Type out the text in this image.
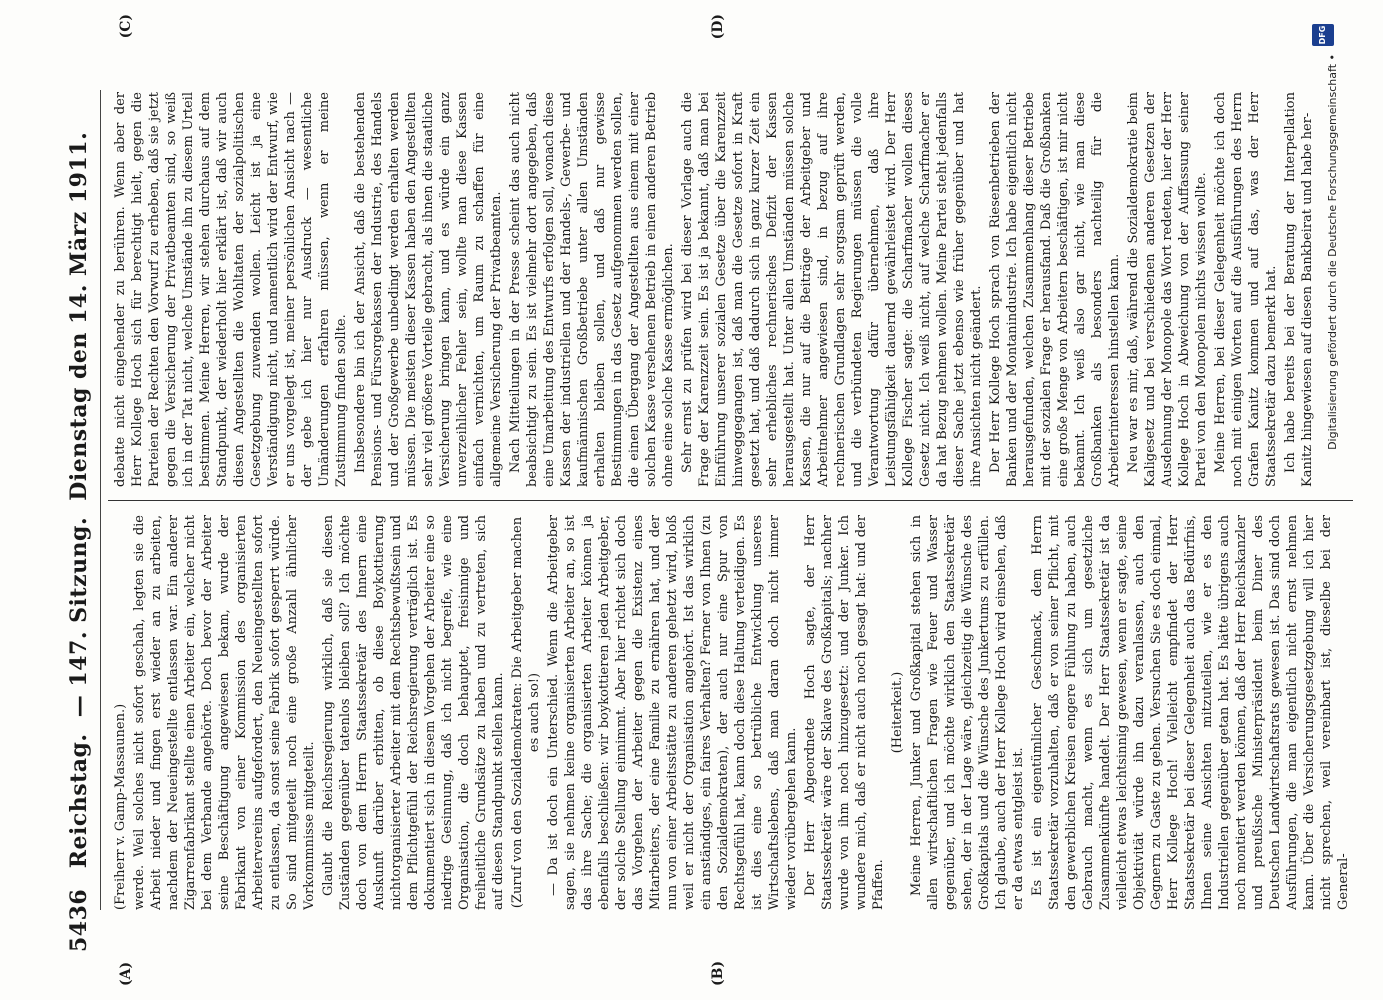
5436
Reichstag. — 147. Sitzung. Dienstag den 14. März 1911.
(A)	(B)
(C)	(D)

(Freiherr v. Gamp-Massaunen.) werde. Weil solches nicht sofort geschah, legten sie die Arbeit nieder und fingen erst wieder an zu arbeiten, nachdem der Neueingestellte entlassen war. Ein anderer Zigarrenfabrikant stellte einen Arbeiter ein, welcher nicht bei dem Verbande angehörte. Doch bevor der Arbeiter seine Beschäftigung angewiesen bekam, wurde der Fabrikant von einer Kommission des organisierten Arbeitervereins aufgefordert, den Neueingestellten sofort zu entlassen, da sonst seine Fabrik sofort gesperrt würde. So sind mitgeteilt noch eine große Anzahl ähnlicher Vorkommnisse mitgeteilt. Glaubt die Reichsregierung wirklich, daß sie diesen Zuständen gegenüber tatenlos bleiben soll? Ich möchte doch von dem Herrn Staatssekretär des Innern eine Auskunft darüber erbitten, ob diese Boykottierung nichtorganisierter Arbeiter mit dem Rechtsbewußtsein und dem Pflichtgefühl der Reichsregierung verträglich ist. Es dokumentiert sich in diesem Vorgehen der Arbeiter eine so niedrige Gesinnung, daß ich nicht begreife, wie eine Organisation, die doch behauptet, freisinnige und freiheitliche Grundsätze zu haben und zu vertreten, sich auf diesen Standpunkt stellen kann. (Zuruf von den Sozialdemokraten: Die Arbeitgeber machen es auch so!) — Da ist doch ein Unterschied. Wenn die Arbeitgeber sagen, sie nehmen keine organisierten Arbeiter an, so ist das ihre Sache; die organisierten Arbeiter können ja ebenfalls beschließen: wir boykottieren jeden Arbeitgeber, der solche Stellung einnimmt. Aber hier richtet sich doch das Vorgehen der Arbeiter gegen die Existenz eines Mitarbeiters, der eine Familie zu ernähren hat, und der nun von einer Arbeitsstätte zu anderen gehetzt wird, bloß weil er nicht der Organisation angehört. Ist das wirklich ein anständiges, ein faires Verhalten? Ferner von Ihnen (zu den Sozialdemokraten), der auch nur eine Spur von Rechtsgefühl hat, kann doch diese Haltung verteidigen. Es ist dies eine so betrübliche Entwicklung unseres Wirtschaftslebens, daß man daran doch nicht immer wieder vorübergehen kann. Der Herr Abgeordnete Hoch sagte, der Herr Staatssekretär wäre der Sklave des Großkapitals; nachher wurde von ihm noch hinzugesetzt: und der Junker. Ich wundere mich, daß er nicht auch noch gesagt hat: und der Pfaffen.

(Heiterkeit.) Meine Herren, Junker und Großkapital stehen sich in allen wirtschaftlichen Fragen wie Feuer und Wasser gegenüber, und ich möchte wirklich den Staatssekretär sehen, der in der Lage wäre, gleichzeitig die Wünsche des Großkapitals und die Wünsche des Junkertums zu erfüllen. Ich glaube, auch der Herr Kollege Hoch wird einsehen, daß er da etwas entgleist ist. Es ist ein eigentümlicher Geschmack, dem Herrn Staatssekretär vorzuhalten, daß er von seiner Pflicht, mit den gewerblichen Kreisen engere Fühlung zu haben, auch Gebrauch macht, wenn es sich um gesetzliche Zusammenkünfte handelt. Der Herr Staatssekretär ist da vielleicht etwas leichtsinnig gewesen, wenn er sagte, seine Objektivität würde ihn dazu veranlassen, auch den Gegnern zu Gaste zu gehen. Versuchen Sie es doch einmal, Herr Kollege Hoch! Vielleicht empfindet der Herr Staatssekretär bei dieser Gelegenheit auch das Bedürfnis, Ihnen seine Ansichten mitzuteilen, wie er es den Industriellen gegenüber getan hat. Es hätte übrigens auch noch montiert werden können, daß der Herr Reichskanzler und preußische Ministerpräsident beim Diner des Deutschen Landwirtschaftsrats gewesen ist. Das sind doch Ausführungen, die man eigentlich nicht ernst nehmen kann. Über die Versicherungsgesetzgebung will ich hier nicht sprechen, weil vereinbart ist, dieselbe bei der General-

debatte nicht eingehender zu berühren. Wenn aber der Herr Kollege Hoch sich für berechtigt hielt, gegen die Parteien der Rechten den Vorwurf zu erheben, daß sie jetzt gegen die Versicherung der Privatbeamten sind, so weiß ich in der Tat nicht, welche Umstände ihn zu diesem Urteil bestimmen. Meine Herren, wir stehen durchaus auf dem Standpunkt, der wiederholt hier erklärt ist, daß wir auch diesen Angestellten die Wohltaten der sozialpolitischen Gesetzgebung zuwenden wollen. Leicht ist ja eine Verständigung nicht, und namentlich wird der Entwurf, wie er uns vorgelegt ist, meiner persönlichen Ansicht nach — der gebe ich hier nur Ausdruck — wesentliche Umänderungen erfahren müssen, wenn er meine Zustimmung finden sollte. Insbesondere bin ich der Ansicht, daß die bestehenden Pensions- und Fürsorgekassen der Industrie, des Handels und der Großgewerbe unbedingt werden erhalten werden müssen. Die meisten dieser Kassen haben den Angestellten sehr viel größere Vorteile gebracht, als ihnen die staatliche Versicherung bringen kann, und es würde ein ganz unverzeihlicher Fehler sein, wollte man diese Kassen einfach vernichten, um Raum zu schaffen für eine allgemeine Versicherung der Privatbeamten. Nach Mitteilungen in der Presse scheint das auch nicht beabsichtigt zu sein. Es ist vielmehr dort angegeben, daß eine Umarbeitung des Entwurfs erfolgen soll, wonach diese Kassen der industriellen und der Handels-, Gewerbe- und kaufmännischen Großbetriebe unter allen Umständen erhalten bleiben sollen, und daß nur gewisse Bestimmungen in das Gesetz aufgenommen werden sollen, die einen Übergang der Angestellten aus einem mit einer solchen Kasse versehenen Betrieb in einen anderen Betrieb ohne eine solche Kasse ermöglichen. Sehr ernst zu prüfen wird bei dieser Vorlage auch die Frage der Karenzzeit sein. Es ist ja bekannt, daß man bei Einführung unserer sozialen Gesetze über die Karenzzeit hinweggegangen ist, daß man die Gesetze sofort in Kraft gesetzt hat, und daß dadurch sich in ganz kurzer Zeit ein sehr erhebliches rechnerisches Defizit der Kassen herausgestellt hat. Unter allen Umständen müssen solche Kassen, die nur auf die Beiträge der Arbeitgeber und Arbeitnehmer angewiesen sind, in bezug auf ihre rechnerischen Grundlagen sehr sorgsam geprüft werden, und die verbündeten Regierungen müssen die volle Verantwortung dafür übernehmen, daß ihre Leistungsfähigkeit dauernd gewährleistet wird. Der Herr Kollege Fischer sagte: die Scharfmacher wollen dieses Gesetz nicht. Ich weiß nicht, auf welche Scharfmacher er da hat Bezug nehmen wollen. Meine Partei steht jedenfalls dieser Sache jetzt ebenso wie früher gegenüber und hat ihre Ansichten nicht geändert. Der Herr Kollege Hoch sprach von Riesenbetrieben der Banken und der Montanindustrie. Ich habe eigentlich nicht herausgefunden, welchen Zusammenhang dieser Betriebe mit der sozialen Frage er herausfand. Daß die Großbanken eine große Menge von Arbeitern beschäftigen, ist mir nicht bekannt. Ich weiß also gar nicht, wie man diese Großbanken als besonders nachteilig für die Arbeiterinteressen hinstellen kann. Neu war es mir, daß, während die Sozialdemokratie beim Kaligesetz und bei verschiedenen anderen Gesetzen der Ausdehnung der Monopole das Wort redeten, hier der Herr Kollege Hoch in Abweichung von der Auffassung seiner Partei von den Monopolen nichts wissen wollte. Meine Herren, bei dieser Gelegenheit möchte ich doch noch mit einigen Worten auf die Ausführungen des Herrn Grafen Kanitz kommen und auf das, was der Herr Staatssekretär dazu bemerkt hat. Ich habe bereits bei der Beratung der Interpellation Kanitz hingewiesen auf diesen Bankbeirat und habe her-

DFG
Digitalisierung gefördert durch die Deutsche Forschungsgemeinschaft •
